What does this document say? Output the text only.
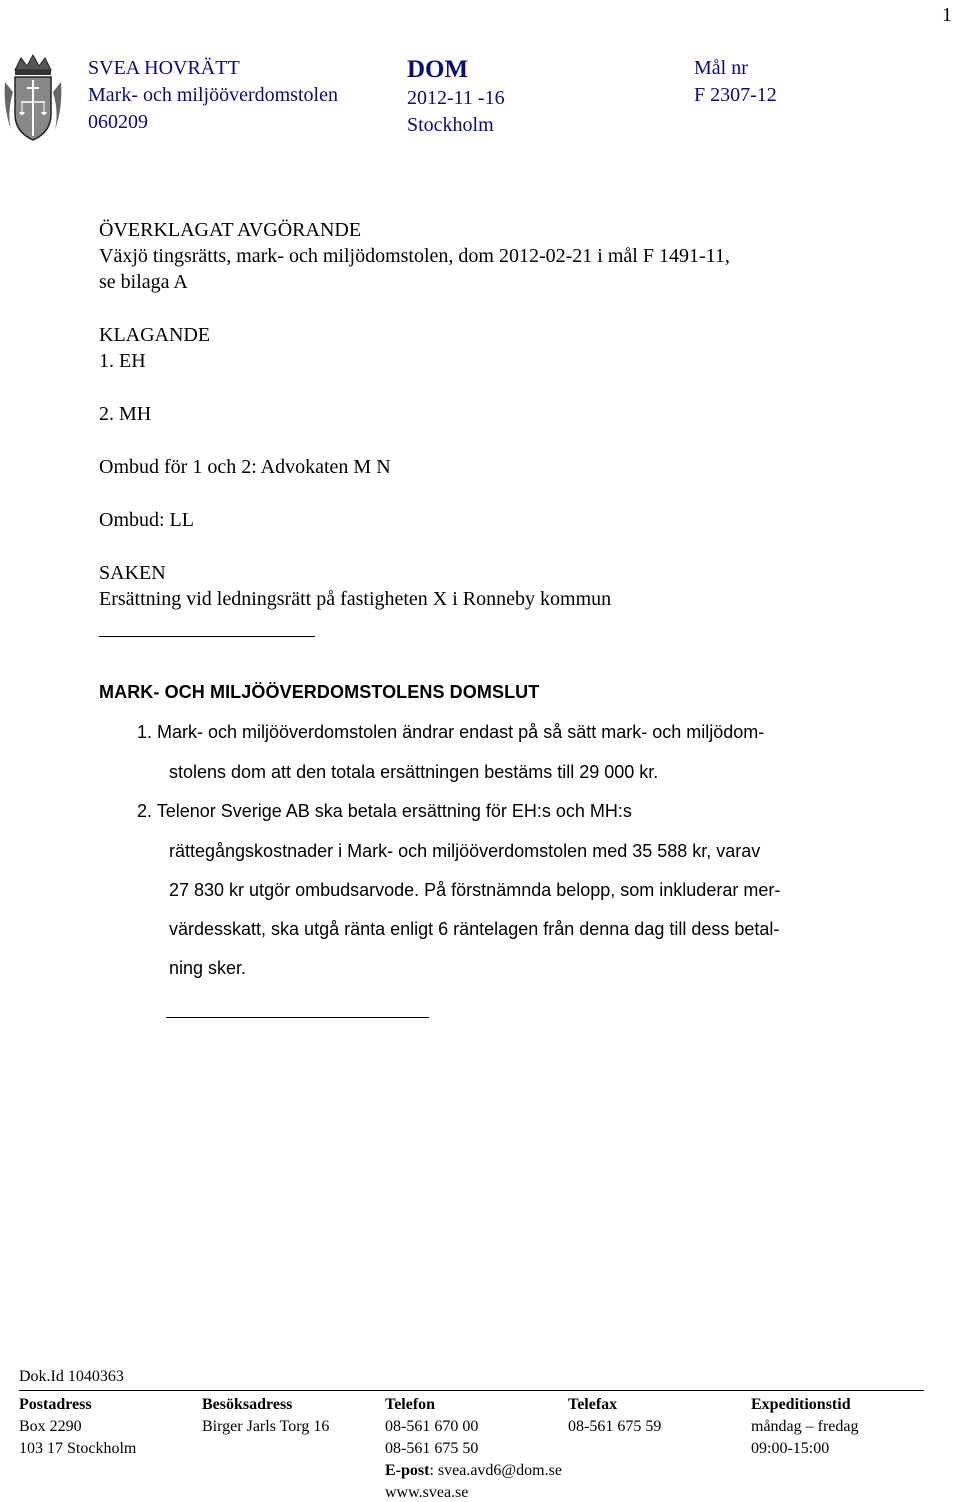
1
SVEA HOVRÄTT
Mark- och miljööverdomstolen
060209
DOM
2012-11 -16
Stockholm
Mål nr
F 2307-12
ÖVERKLAGAT AVGÖRANDE
Växjö tingsrätts, mark- och miljödomstolen, dom 2012-02-21 i mål F 1491-11,
se bilaga A
KLAGANDE
1. EH
2. MH
Ombud för 1 och 2: Advokaten M N
Ombud: LL
SAKEN
Ersättning vid ledningsrätt på fastigheten X i Ronneby kommun
MARK- OCH MILJÖÖVERDOMSTOLENS DOMSLUT
1. Mark- och miljööverdomstolen ändrar endast på så sätt mark- och miljödom-
stolens dom att den totala ersättningen bestäms till 29 000 kr.
2. Telenor Sverige AB ska betala ersättning för EH:s och MH:s
rättegångskostnader i Mark- och miljööverdomstolen med 35 588 kr, varav
27 830 kr utgör ombudsarvode. På förstnämnda belopp, som inkluderar mer-
värdesskatt, ska utgå ränta enligt 6 räntelagen från denna dag till dess betal-
ning sker.
Dok.Id 1040363
Postadress
Box 2290
103 17 Stockholm
Besöksadress
Birger Jarls Torg 16
Telefon
08-561 670 00
08-561 675 50
E-post: svea.avd6@dom.se
www.svea.se
Telefax
08-561 675 59
Expeditionstid
måndag – fredag
09:00-15:00
